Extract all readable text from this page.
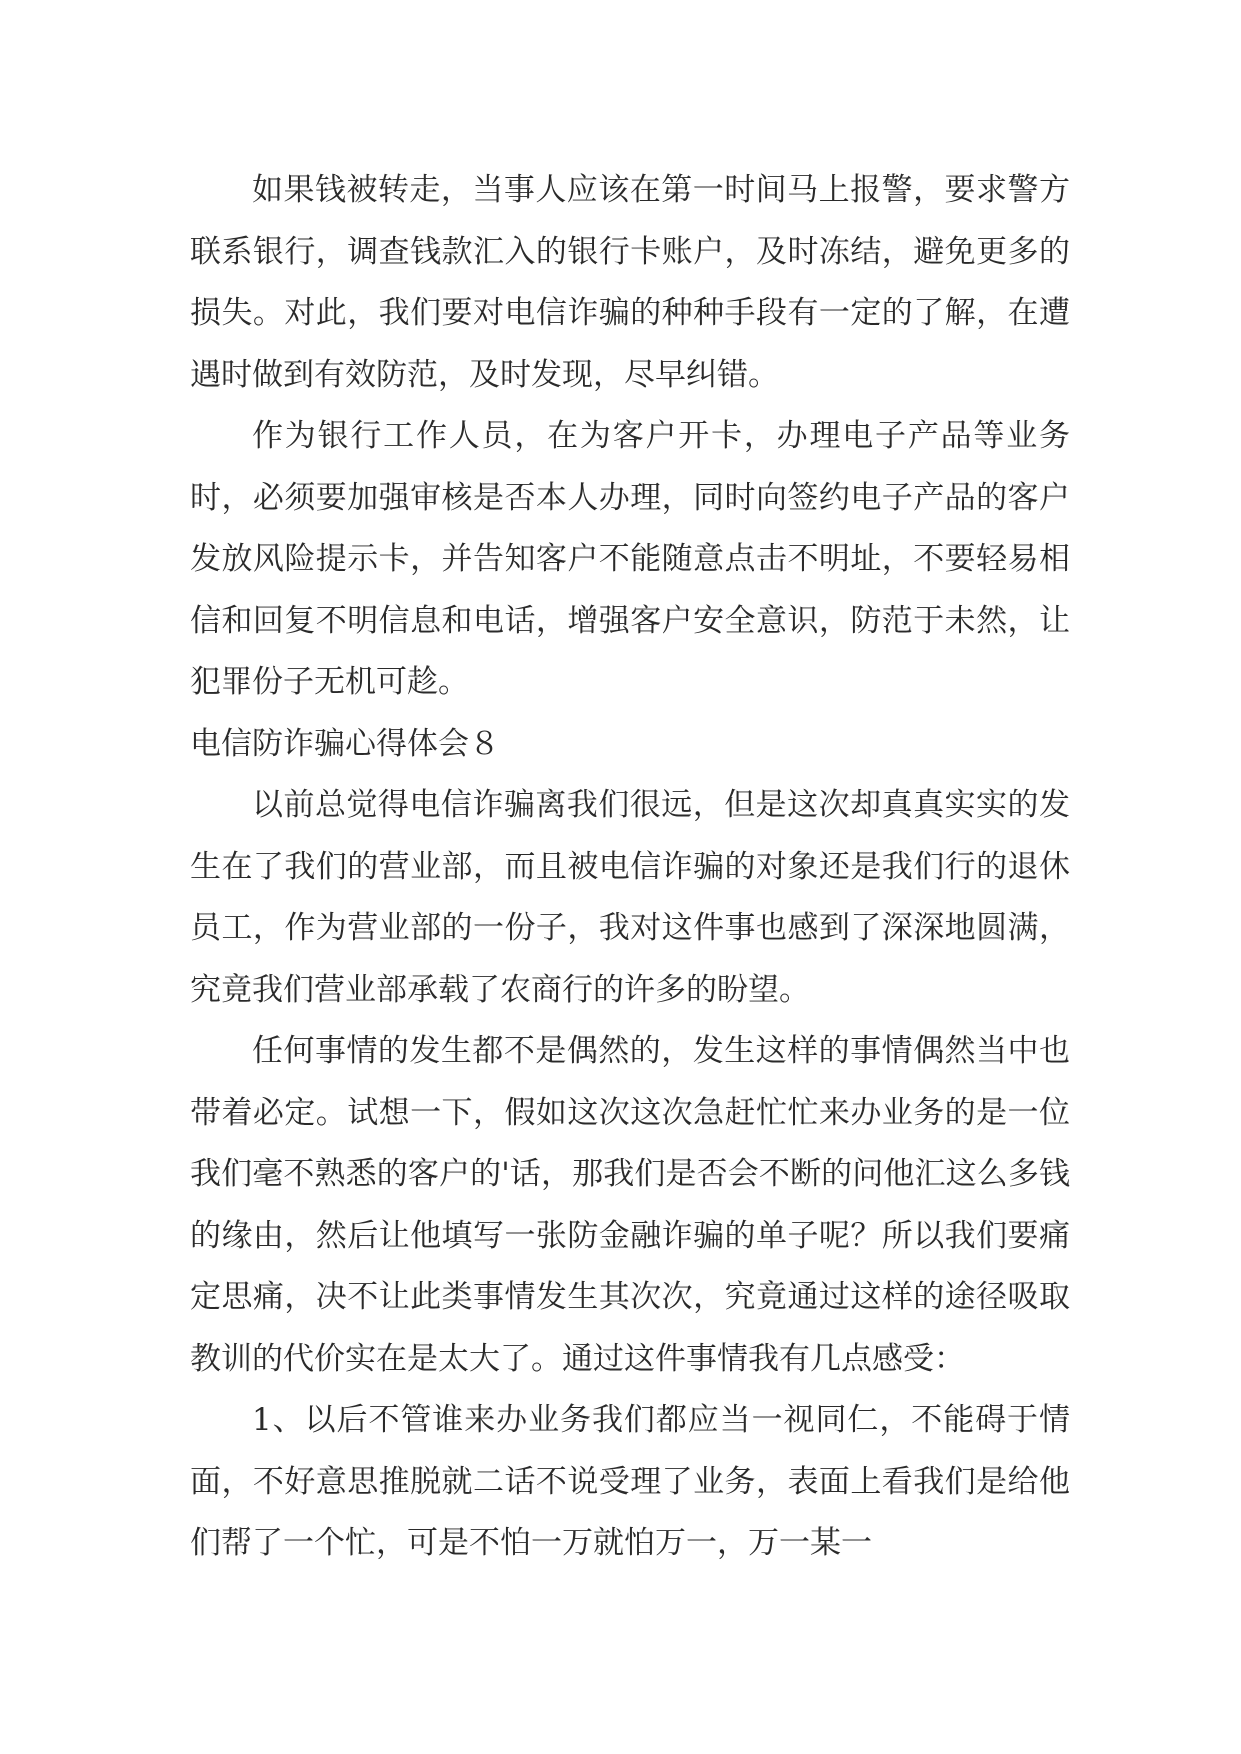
如果钱被转走，当事人应该在第一时间马上报警，要求警方联系银行，调查钱款汇入的银行卡账户，及时冻结，避免更多的损失。对此，我们要对电信诈骗的种种手段有一定的了解，在遭遇时做到有效防范，及时发现，尽早纠错。

作为银行工作人员，在为客户开卡，办理电子产品等业务时，必须要加强审核是否本人办理，同时向签约电子产品的客户发放风险提示卡，并告知客户不能随意点击不明址，不要轻易相信和回复不明信息和电话，增强客户安全意识，防范于未然，让犯罪份子无机可趁。

电信防诈骗心得体会８

以前总觉得电信诈骗离我们很远，但是这次却真真实实的发生在了我们的营业部，而且被电信诈骗的对象还是我们行的退休员工，作为营业部的一份子，我对这件事也感到了深深地圆满，究竟我们营业部承载了农商行的许多的盼望。

任何事情的发生都不是偶然的，发生这样的事情偶然当中也带着必定。试想一下，假如这次这次急赶忙忙来办业务的是一位我们毫不熟悉的客户的'话，那我们是否会不断的问他汇这么多钱的缘由，然后让他填写一张防金融诈骗的单子呢？所以我们要痛定思痛，决不让此类事情发生其次次，究竟通过这样的途径吸取教训的代价实在是太大了。通过这件事情我有几点感受：

1、以后不管谁来办业务我们都应当一视同仁，不能碍于情面，不好意思推脱就二话不说受理了业务，表面上看我们是给他们帮了一个忙，可是不怕一万就怕万一，万一某一
